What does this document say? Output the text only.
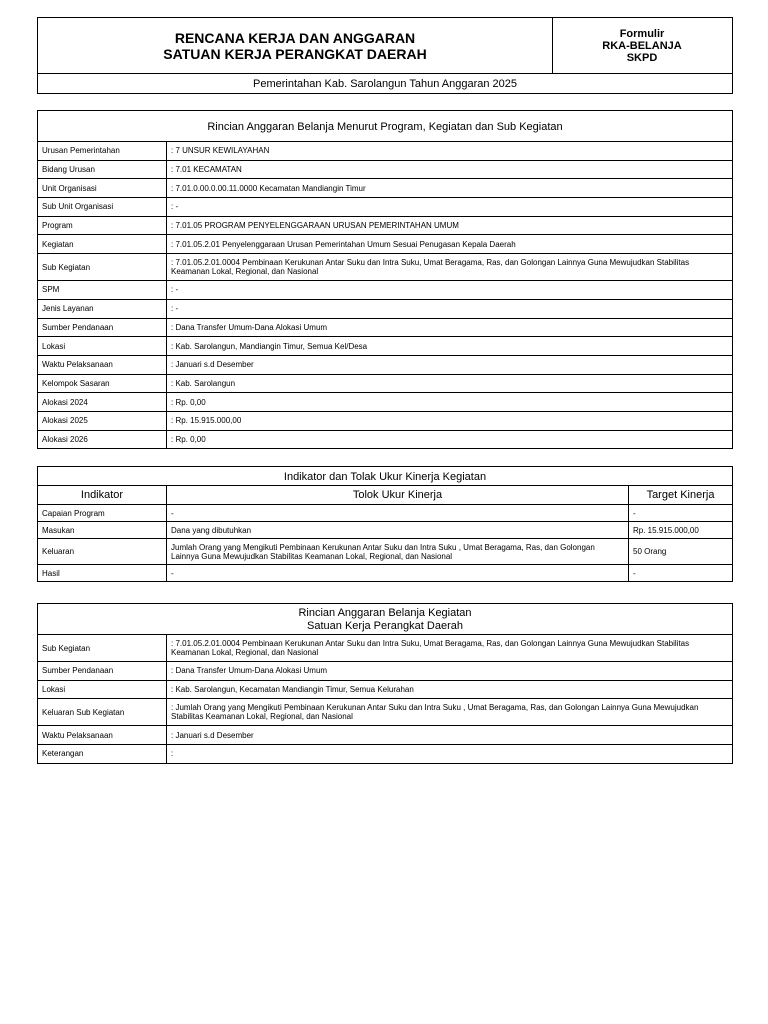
RENCANA KERJA DAN ANGGARAN
SATUAN KERJA PERANGKAT DAERAH
Formulir
RKA-BELANJA
SKPD
Pemerintahan Kab. Sarolangun Tahun Anggaran 2025
Rincian Anggaran Belanja Menurut Program, Kegiatan dan Sub Kegiatan
Urusan Pemerintahan	: 7 UNSUR KEWILAYAHAN
Bidang Urusan	: 7.01 KECAMATAN
Unit Organisasi	: 7.01.0.00.0.00.11.0000 Kecamatan Mandiangin Timur
Sub Unit Organisasi	: -
Program	: 7.01.05 PROGRAM PENYELENGGARAAN URUSAN PEMERINTAHAN UMUM
Kegiatan	: 7.01.05.2.01 Penyelenggaraan Urusan Pemerintahan Umum Sesuai Penugasan Kepala Daerah
Sub Kegiatan	: 7.01.05.2.01.0004 Pembinaan Kerukunan Antar Suku dan Intra Suku, Umat Beragama, Ras, dan Golongan Lainnya Guna Mewujudkan Stabilitas Keamanan Lokal, Regional, dan Nasional
SPM	: -
Jenis Layanan	: -
Sumber Pendanaan	: Dana Transfer Umum-Dana Alokasi Umum
Lokasi	: Kab. Sarolangun, Mandiangin Timur, Semua Kel/Desa
Waktu Pelaksanaan	: Januari s.d Desember
Kelompok Sasaran	: Kab. Sarolangun
Alokasi 2024	: Rp. 0,00
Alokasi 2025	: Rp. 15.915.000,00
Alokasi 2026	: Rp. 0,00
Indikator dan Tolak Ukur Kinerja Kegiatan
Indikator	Tolok Ukur Kinerja	Target Kinerja
Capaian Program	-	-
Masukan	Dana yang dibutuhkan	Rp. 15.915.000,00
Keluaran	Jumlah Orang yang Mengikuti Pembinaan Kerukunan Antar Suku dan Intra Suku , Umat Beragama, Ras, dan Golongan Lainnya Guna Mewujudkan Stabilitas Keamanan Lokal, Regional, dan Nasional	50 Orang
Hasil	-	-
Rincian Anggaran Belanja Kegiatan
Satuan Kerja Perangkat Daerah
Sub Kegiatan	: 7.01.05.2.01.0004 Pembinaan Kerukunan Antar Suku dan Intra Suku, Umat Beragama, Ras, dan Golongan Lainnya Guna Mewujudkan Stabilitas Keamanan Lokal, Regional, dan Nasional
Sumber Pendanaan	: Dana Transfer Umum-Dana Alokasi Umum
Lokasi	: Kab. Sarolangun, Kecamatan Mandiangin Timur, Semua Kelurahan
Keluaran Sub Kegiatan	: Jumlah Orang yang Mengikuti Pembinaan Kerukunan Antar Suku dan Intra Suku , Umat Beragama, Ras, dan Golongan Lainnya Guna Mewujudkan Stabilitas Keamanan Lokal, Regional, dan Nasional
Waktu Pelaksanaan	: Januari s.d Desember
Keterangan	:
